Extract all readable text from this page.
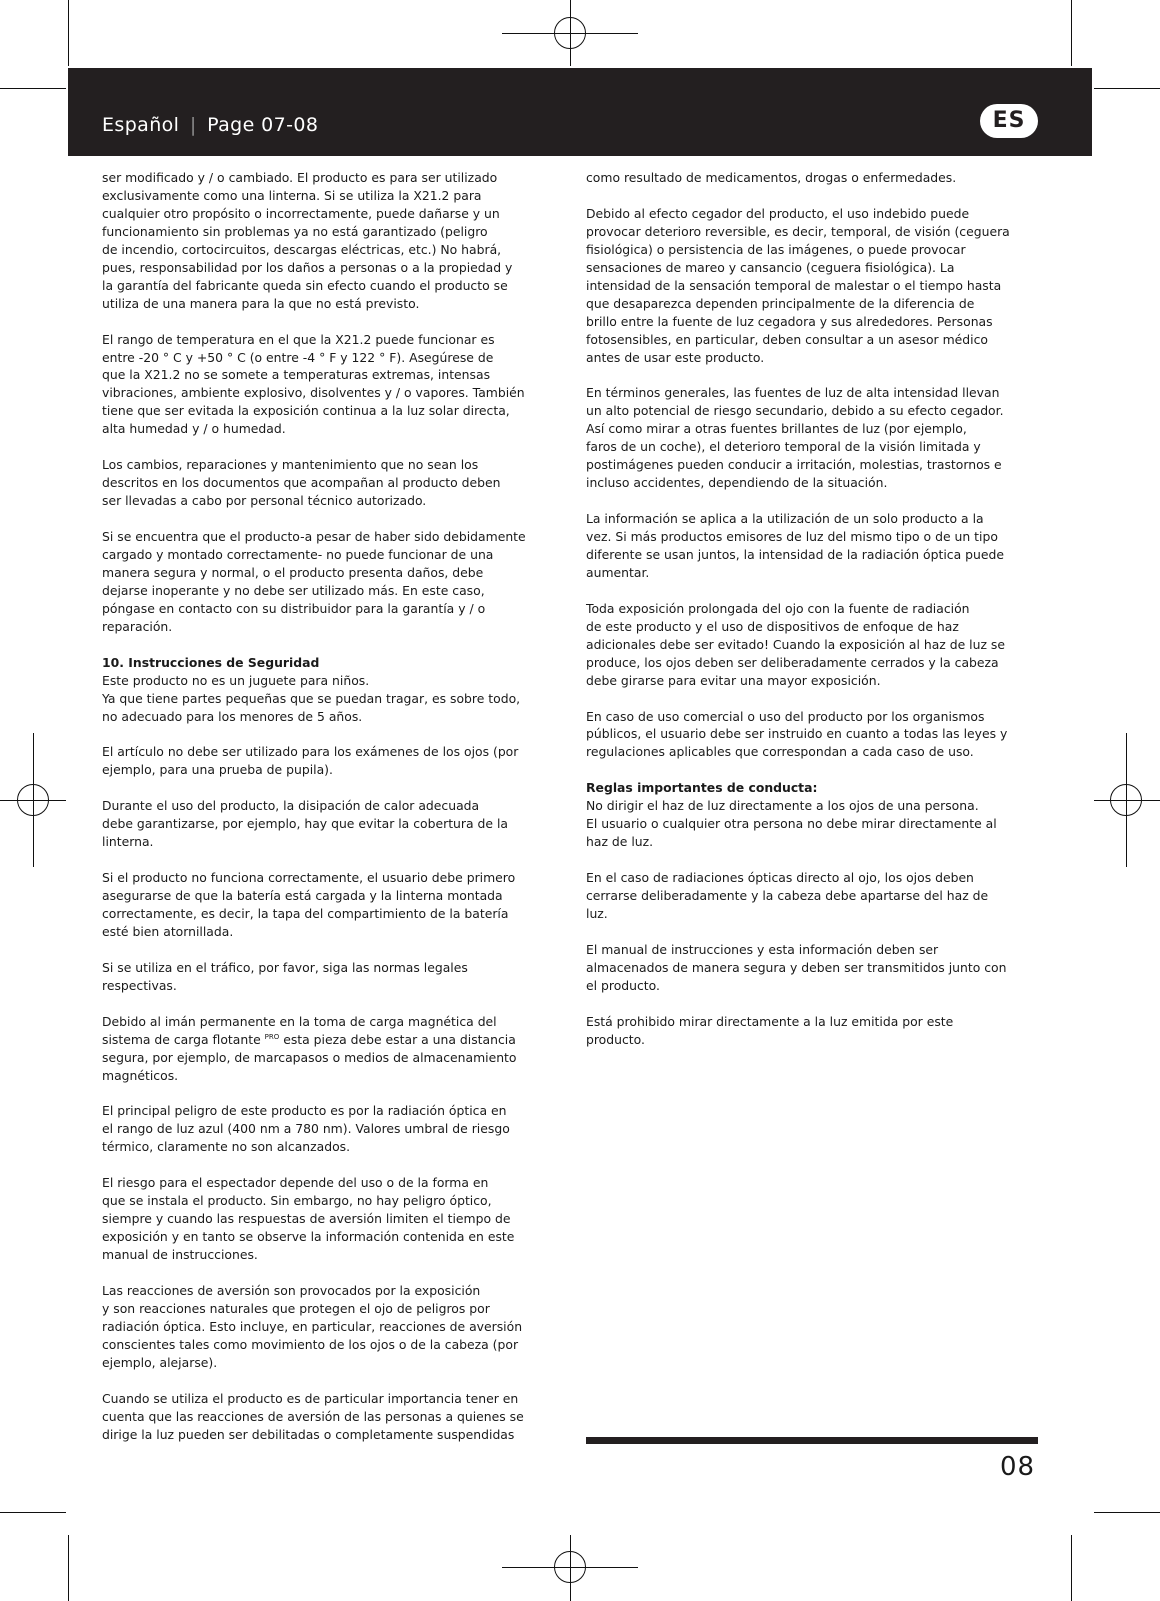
Español | Page 07-08	ES

ser modificado y / o cambiado. El producto es para ser utilizado
exclusivamente como una linterna. Si se utiliza la X21.2 para
cualquier otro propósito o incorrectamente, puede dañarse y un
funcionamiento sin problemas ya no está garantizado (peligro
de incendio, cortocircuitos, descargas eléctricas, etc.) No habrá,
pues, responsabilidad por los daños a personas o a la propiedad y
la garantía del fabricante queda sin efecto cuando el producto se
utiliza de una manera para la que no está previsto.

El rango de temperatura en el que la X21.2 puede funcionar es
entre -20 ° C y +50 ° C (o entre -4 ° F y 122 ° F). Asegúrese de
que la X21.2 no se somete a temperaturas extremas, intensas
vibraciones, ambiente explosivo, disolventes y / o vapores. También
tiene que ser evitada la exposición continua a la luz solar directa,
alta humedad y / o humedad.

Los cambios, reparaciones y mantenimiento que no sean los
descritos en los documentos que acompañan al producto deben
ser llevadas a cabo por personal técnico autorizado.

Si se encuentra que el producto-a pesar de haber sido debidamente
cargado y montado correctamente- no puede funcionar de una
manera segura y normal, o el producto presenta daños, debe
dejarse inoperante y no debe ser utilizado más. En este caso,
póngase en contacto con su distribuidor para la garantía y / o
reparación.

10. Instrucciones de Seguridad

Este producto no es un juguete para niños.
Ya que tiene partes pequeñas que se puedan tragar, es sobre todo,
no adecuado para los menores de 5 años.

El artículo no debe ser utilizado para los exámenes de los ojos (por
ejemplo, para una prueba de pupila).

Durante el uso del producto, la disipación de calor adecuada
debe garantizarse, por ejemplo, hay que evitar la cobertura de la
linterna.

Si el producto no funciona correctamente, el usuario debe primero
asegurarse de que la batería está cargada y la linterna montada
correctamente, es decir, la tapa del compartimiento de la batería
esté bien atornillada.

Si se utiliza en el tráfico, por favor, siga las normas legales
respectivas.

Debido al imán permanente en la toma de carga magnética del
sistema de carga flotante $^{PRO}$ esta pieza debe estar a una distancia
segura, por ejemplo, de marcapasos o medios de almacenamiento
magnéticos.

El principal peligro de este producto es por la radiación óptica en
el rango de luz azul (400 nm a 780 nm). Valores umbral de riesgo
térmico, claramente no son alcanzados.

El riesgo para el espectador depende del uso o de la forma en
que se instala el producto. Sin embargo, no hay peligro óptico,
siempre y cuando las respuestas de aversión limiten el tiempo de
exposición y en tanto se observe la información contenida en este
manual de instrucciones.

Las reacciones de aversión son provocados por la exposición
y son reacciones naturales que protegen el ojo de peligros por
radiación óptica. Esto incluye, en particular, reacciones de aversión
conscientes tales como movimiento de los ojos o de la cabeza (por
ejemplo, alejarse).

Cuando se utiliza el producto es de particular importancia tener en
cuenta que las reacciones de aversión de las personas a quienes se
dirige la luz pueden ser debilitadas o completamente suspendidas

como resultado de medicamentos, drogas o enfermedades.

Debido al efecto cegador del producto, el uso indebido puede
provocar deterioro reversible, es decir, temporal, de visión (ceguera
fisiológica) o persistencia de las imágenes, o puede provocar
sensaciones de mareo y cansancio (ceguera fisiológica). La
intensidad de la sensación temporal de malestar o el tiempo hasta
que desaparezca dependen principalmente de la diferencia de
brillo entre la fuente de luz cegadora y sus alrededores. Personas
fotosensibles, en particular, deben consultar a un asesor médico
antes de usar este producto.

En términos generales, las fuentes de luz de alta intensidad llevan
un alto potencial de riesgo secundario, debido a su efecto cegador.
Así como mirar a otras fuentes brillantes de luz (por ejemplo,
faros de un coche), el deterioro temporal de la visión limitada y
postimágenes pueden conducir a irritación, molestias, trastornos e
incluso accidentes, dependiendo de la situación.

La información se aplica a la utilización de un solo producto a la
vez. Si más productos emisores de luz del mismo tipo o de un tipo
diferente se usan juntos, la intensidad de la radiación óptica puede
aumentar.

Toda exposición prolongada del ojo con la fuente de radiación
de este producto y el uso de dispositivos de enfoque de haz
adicionales debe ser evitado! Cuando la exposición al haz de luz se
produce, los ojos deben ser deliberadamente cerrados y la cabeza
debe girarse para evitar una mayor exposición.

En caso de uso comercial o uso del producto por los organismos
públicos, el usuario debe ser instruido en cuanto a todas las leyes y
regulaciones aplicables que correspondan a cada caso de uso.

Reglas importantes de conducta:

No dirigir el haz de luz directamente a los ojos de una persona.
El usuario o cualquier otra persona no debe mirar directamente al
haz de luz.

En el caso de radiaciones ópticas directo al ojo, los ojos deben
cerrarse deliberadamente y la cabeza debe apartarse del haz de
luz.

El manual de instrucciones y esta información deben ser
almacenados de manera segura y deben ser transmitidos junto con
el producto.

Está prohibido mirar directamente a la luz emitida por este
producto.

08
